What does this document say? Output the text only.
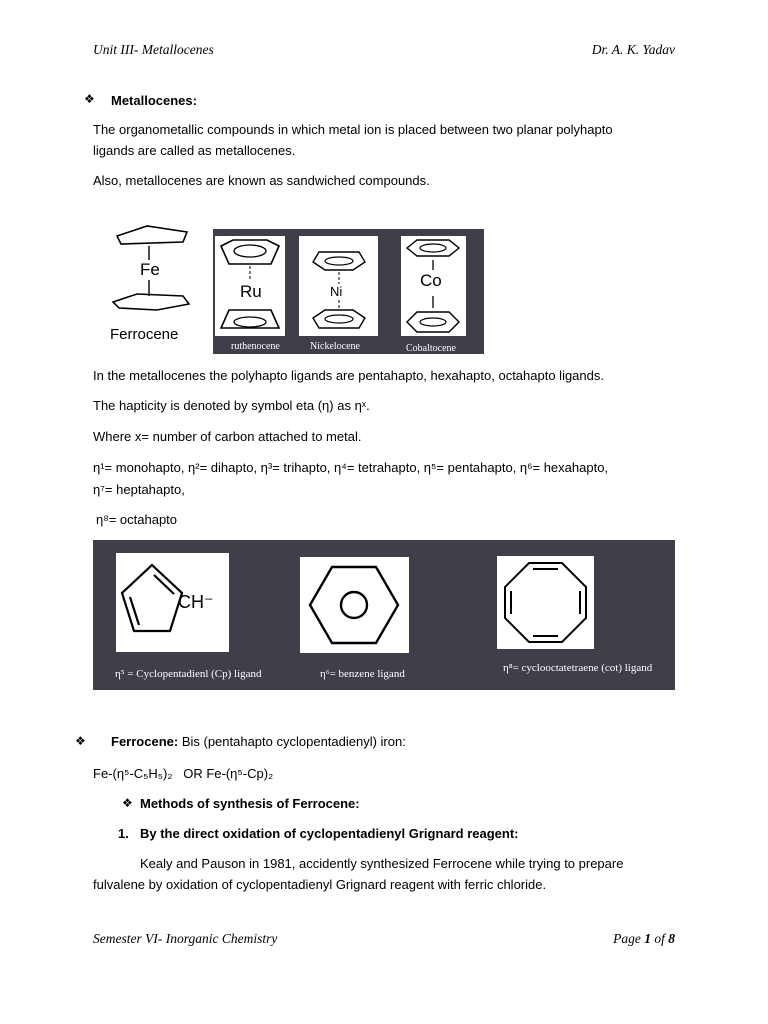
Unit III- Metallocenes	Dr. A. K. Yadav
❖ Metallocenes:
The organometallic compounds in which metal ion is placed between two planar polyhapto
ligands are called as metallocenes.
Also, metallocenes are known as sandwiched compounds.
Fe
Ferrocene
Ru
ruthenocene
Ni
Nickelocene
Co
Cobaltocene
In the metallocenes the polyhapto ligands are pentahapto, hexahapto, octahapto ligands.
The hapticity is denoted by symbol eta (η) as ηˣ.
Where x= number of carbon attached to metal.
η¹= monohapto, η²= dihapto, η³= trihapto, η⁴= tetrahapto, η⁵= pentahapto, η⁶= hexahapto,
η⁷= heptahapto,
η⁸= octahapto
CH⁻
η⁵ = Cyclopentadienl (Cp) ligand	η⁶= benzene ligand	η⁸= cyclooctatetraene (cot) ligand
❖ Ferrocene: Bis (pentahapto cyclopentadienyl) iron:
Fe-(η⁵-C₅H₅)₂   OR Fe-(η⁵-Cp)₂
❖ Methods of synthesis of Ferrocene:
1. By the direct oxidation of cyclopentadienyl Grignard reagent:
Kealy and Pauson in 1981, accidently synthesized Ferrocene while trying to prepare
fulvalene by oxidation of cyclopentadienyl Grignard reagent with ferric chloride.
Semester VI- Inorganic Chemistry	Page 1 of 8
